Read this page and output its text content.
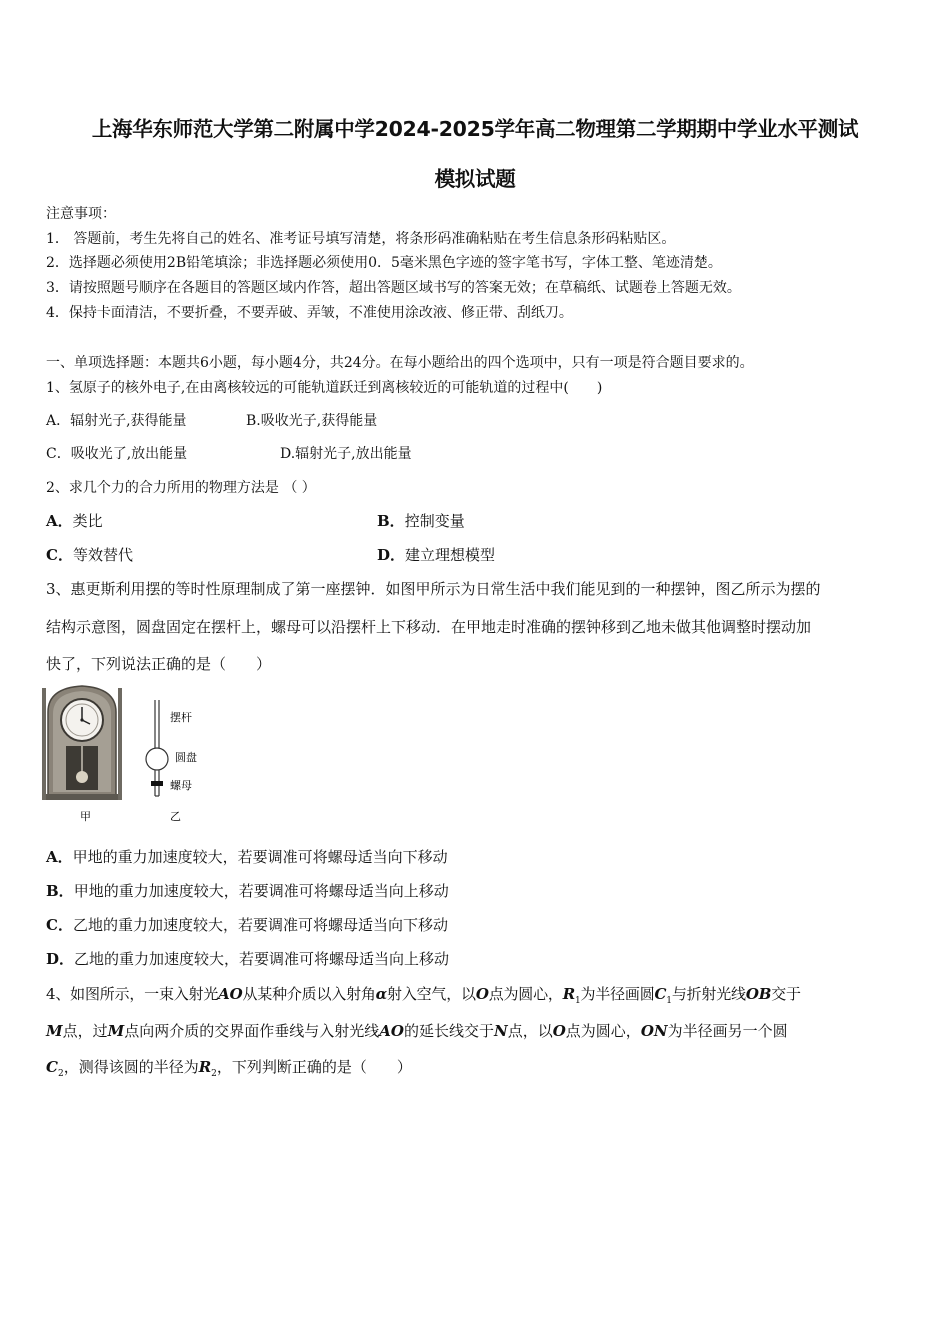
上海华东师范大学第二附属中学2024-2025学年高二物理第二学期期中学业水平测试
模拟试题
注意事项：
1． 答题前，考生先将自己的姓名、准考证号填写清楚，将条形码准确粘贴在考生信息条形码粘贴区。
2．选择题必须使用2B铅笔填涂；非选择题必须使用0．5毫米黑色字迹的签字笔书写，字体工整、笔迹清楚。
3．请按照题号顺序在各题目的答题区域内作答，超出答题区域书写的答案无效；在草稿纸、试题卷上答题无效。
4．保持卡面清洁，不要折叠，不要弄破、弄皱，不准使用涂改液、修正带、刮纸刀。
一、单项选择题：本题共6小题，每小题4分，共24分。在每小题给出的四个选项中，只有一项是符合题目要求的。
1、氢原子的核外电子,在由离核较远的可能轨道跃迁到离核较近的可能轨道的过程中(　　)
A．辐射光子,获得能量	B.吸收光子,获得能量
C．吸收光了,放出能量	D.辐射光子,放出能量
2、求几个力的合力所用的物理方法是 （ ）
A．类比	B．控制变量
C．等效替代	D．建立理想模型
3、惠更斯利用摆的等时性原理制成了第一座摆钟．如图甲所示为日常生活中我们能见到的一种摆钟，图乙所示为摆的
结构示意图，圆盘固定在摆杆上，螺母可以沿摆杆上下移动．在甲地走时准确的摆钟移到乙地未做其他调整时摆动加
快了，下列说法正确的是（　　）
摆杆
圆盘
螺母
甲	乙
A．甲地的重力加速度较大，若要调准可将螺母适当向下移动
B．甲地的重力加速度较大，若要调准可将螺母适当向上移动
C．乙地的重力加速度较大，若要调准可将螺母适当向下移动
D．乙地的重力加速度较大，若要调准可将螺母适当向上移动
4、如图所示，一束入射光AO从某种介质以入射角α射入空气，以O点为圆心，$R_1$为半径画圆$C_1$与折射光线OB交于
M点，过M点向两介质的交界面作垂线与入射光线AO的延长线交于N点，以O点为圆心，ON为半径画另一个圆
$C_2$，测得该圆的半径为$R_2$，下列判断正确的是（　　）
